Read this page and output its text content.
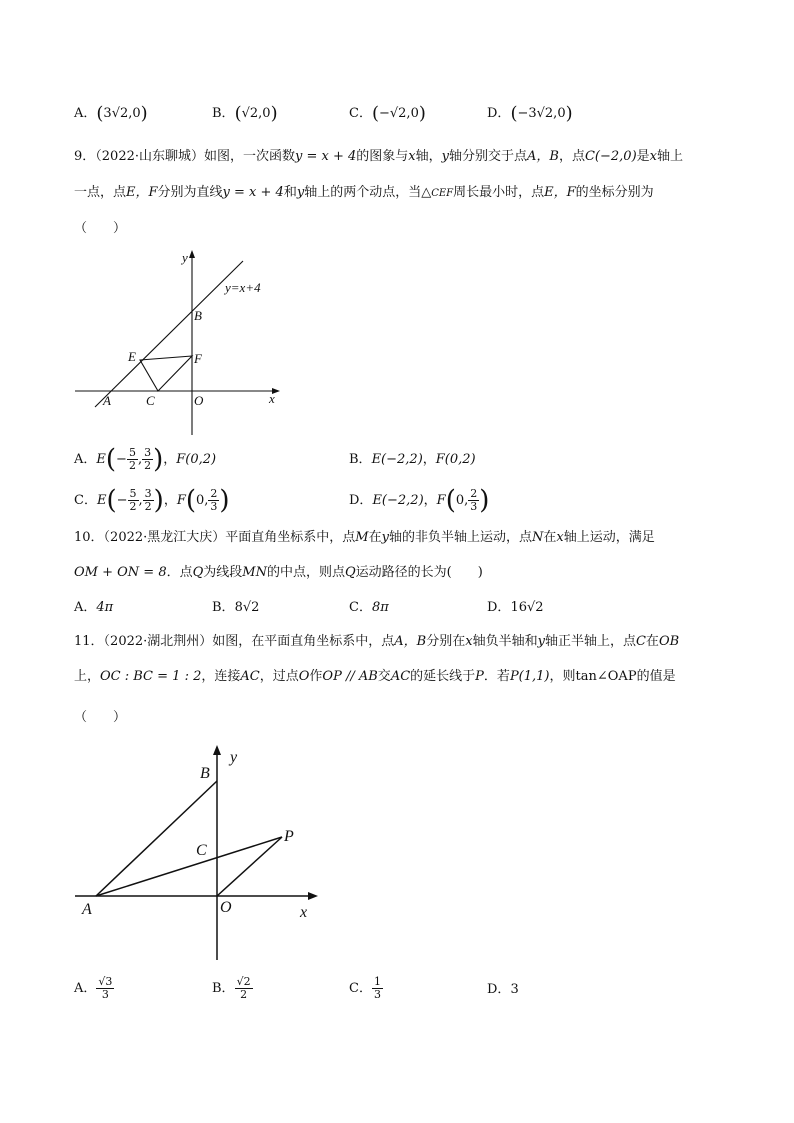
A．(3√2,0)	B．(√2,0)	C．(−√2,0)	D．(−3√2,0)
9．（2022·山东聊城）如图，一次函数y = x + 4的图象与x轴，y轴分别交于点A，B，点C(−2,0)是x轴上
一点，点E，F分别为直线y = x + 4和y轴上的两个动点，当△CEF周长最小时，点E，F的坐标分别为
（　　）
y
x
y=x+4
B
E	F
A	C	O
A．$E(- \frac{5}{2}$ , $\frac{3}{2}$ )，F(0,2)	B．E(−2,2)，F(0,2)
C．$E(- \frac{5}{2}$ , $\frac{3}{2}$ )，F(0, $\frac{2}{3}$ )	D．E(−2,2)，F(0, $\frac{2}{3}$ )
10．（2022·黑龙江大庆）平面直角坐标系中，点M在y轴的非负半轴上运动，点N在x轴上运动，满足
OM + ON = 8．点Q为线段MN的中点，则点Q运动路径的长为(　　)
A．4π	B．8√2	C．8π	D．16√2
11．（2022·湖北荆州）如图，在平面直角坐标系中，点A，B分别在x轴负半轴和y轴正半轴上，点C在OB
上，OC : BC = 1 : 2，连接AC，过点O作OP // AB交AC的延长线于P．若P(1,1)，则tan∠OAP的值是
（　　）
y
x
B
C
P
A	O
A． $\frac{√3}{3}$	B． $\frac{√2}{2}$	C． $\frac{1}{3}$	D．3
